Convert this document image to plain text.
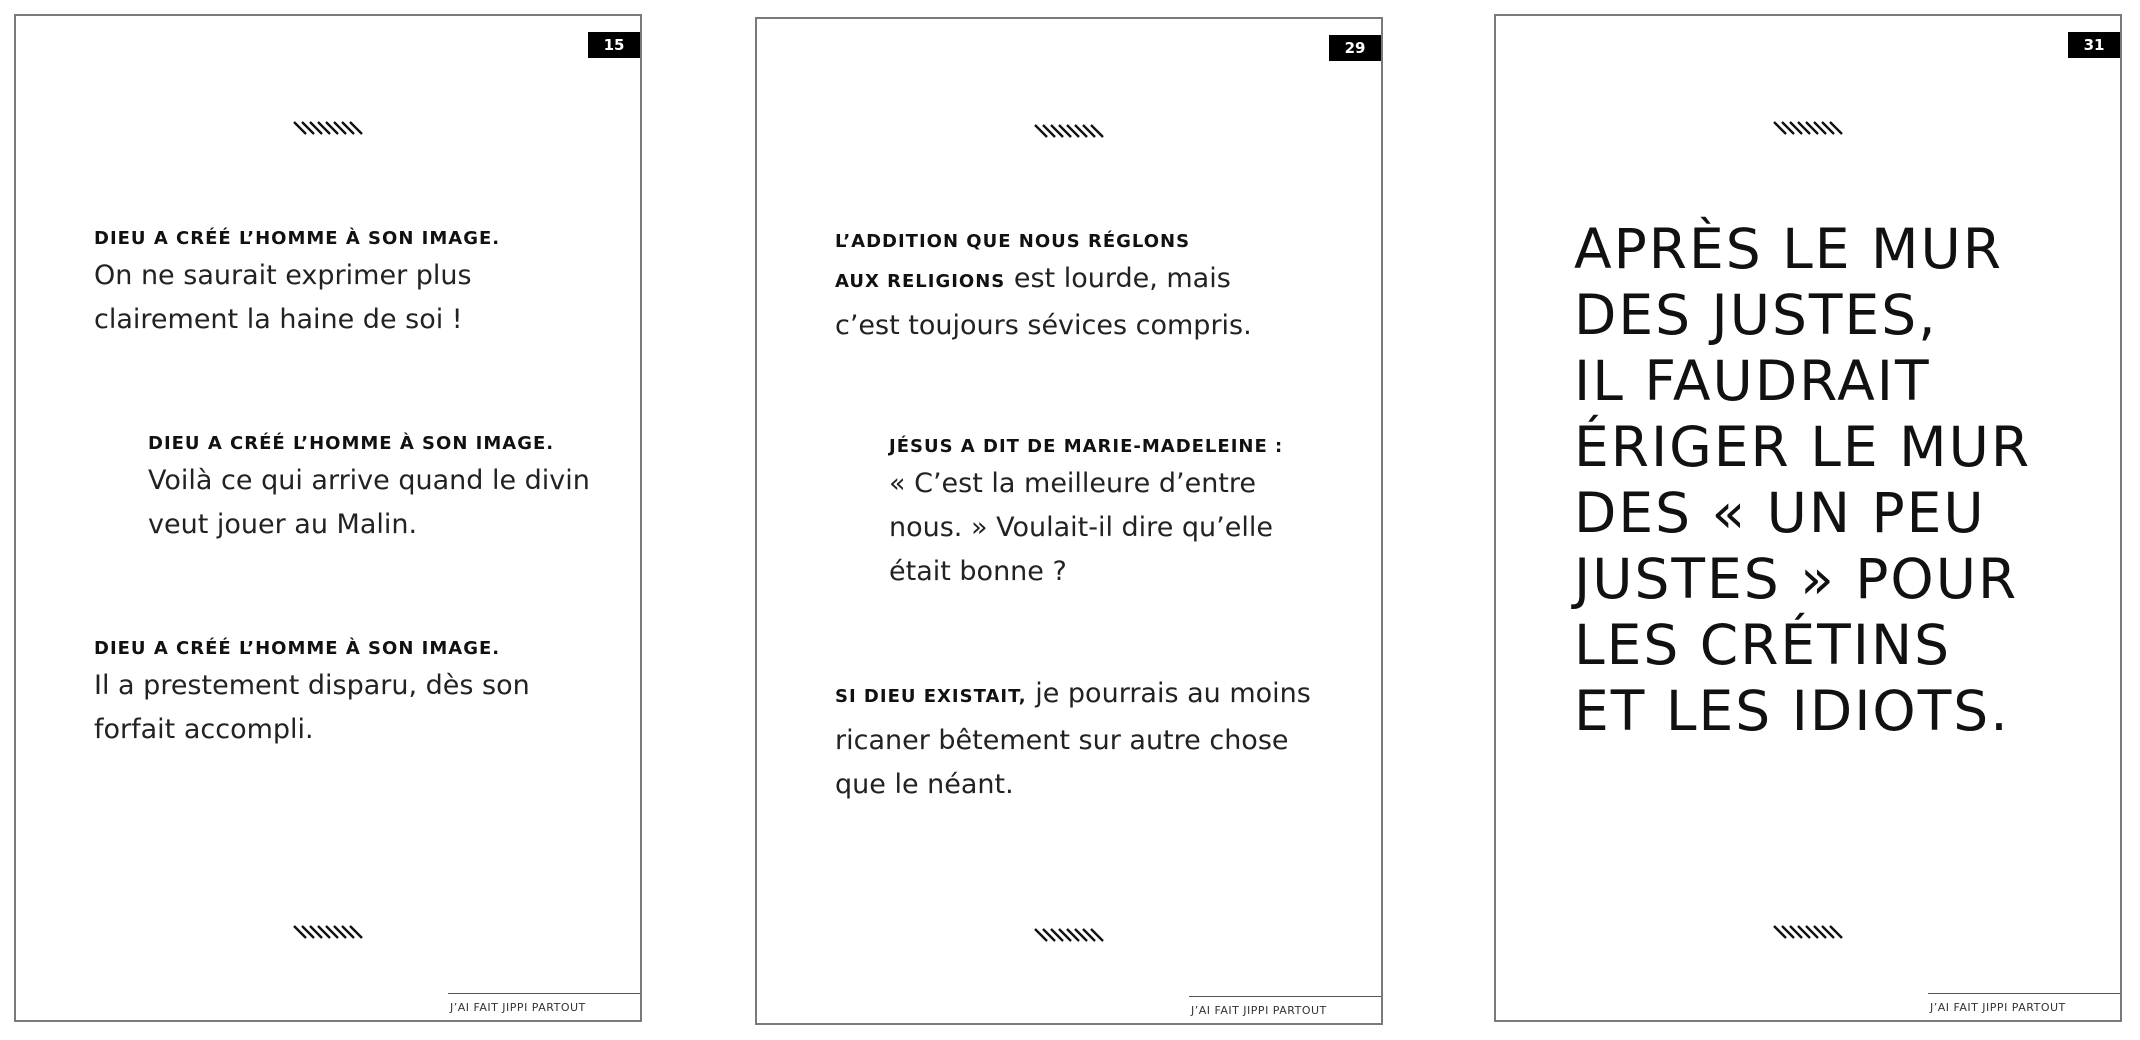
15
DIEU A CRÉÉ L’HOMME À SON IMAGE.
On ne saurait exprimer plus
clairement la haine de soi !
DIEU A CRÉÉ L’HOMME À SON IMAGE.
Voilà ce qui arrive quand le divin
veut jouer au Malin.
DIEU A CRÉÉ L’HOMME À SON IMAGE.
Il a prestement disparu, dès son
forfait accompli.
J’AI FAIT JIPPI PARTOUT
29
L’ADDITION QUE NOUS RÉGLONS
AUX RELIGIONS est lourde, mais
c’est toujours sévices compris.
JÉSUS A DIT DE MARIE-MADELEINE :
« C’est la meilleure d’entre
nous. » Voulait-il dire qu’elle
était bonne ?
SI DIEU EXISTAIT, je pourrais au moins
ricaner bêtement sur autre chose
que le néant.
J’AI FAIT JIPPI PARTOUT
31
APRÈS LE MUR
DES JUSTES,
IL FAUDRAIT
ÉRIGER LE MUR
DES « UN PEU
JUSTES » POUR
LES CRÉTINS
ET LES IDIOTS.
J’AI FAIT JIPPI PARTOUT
